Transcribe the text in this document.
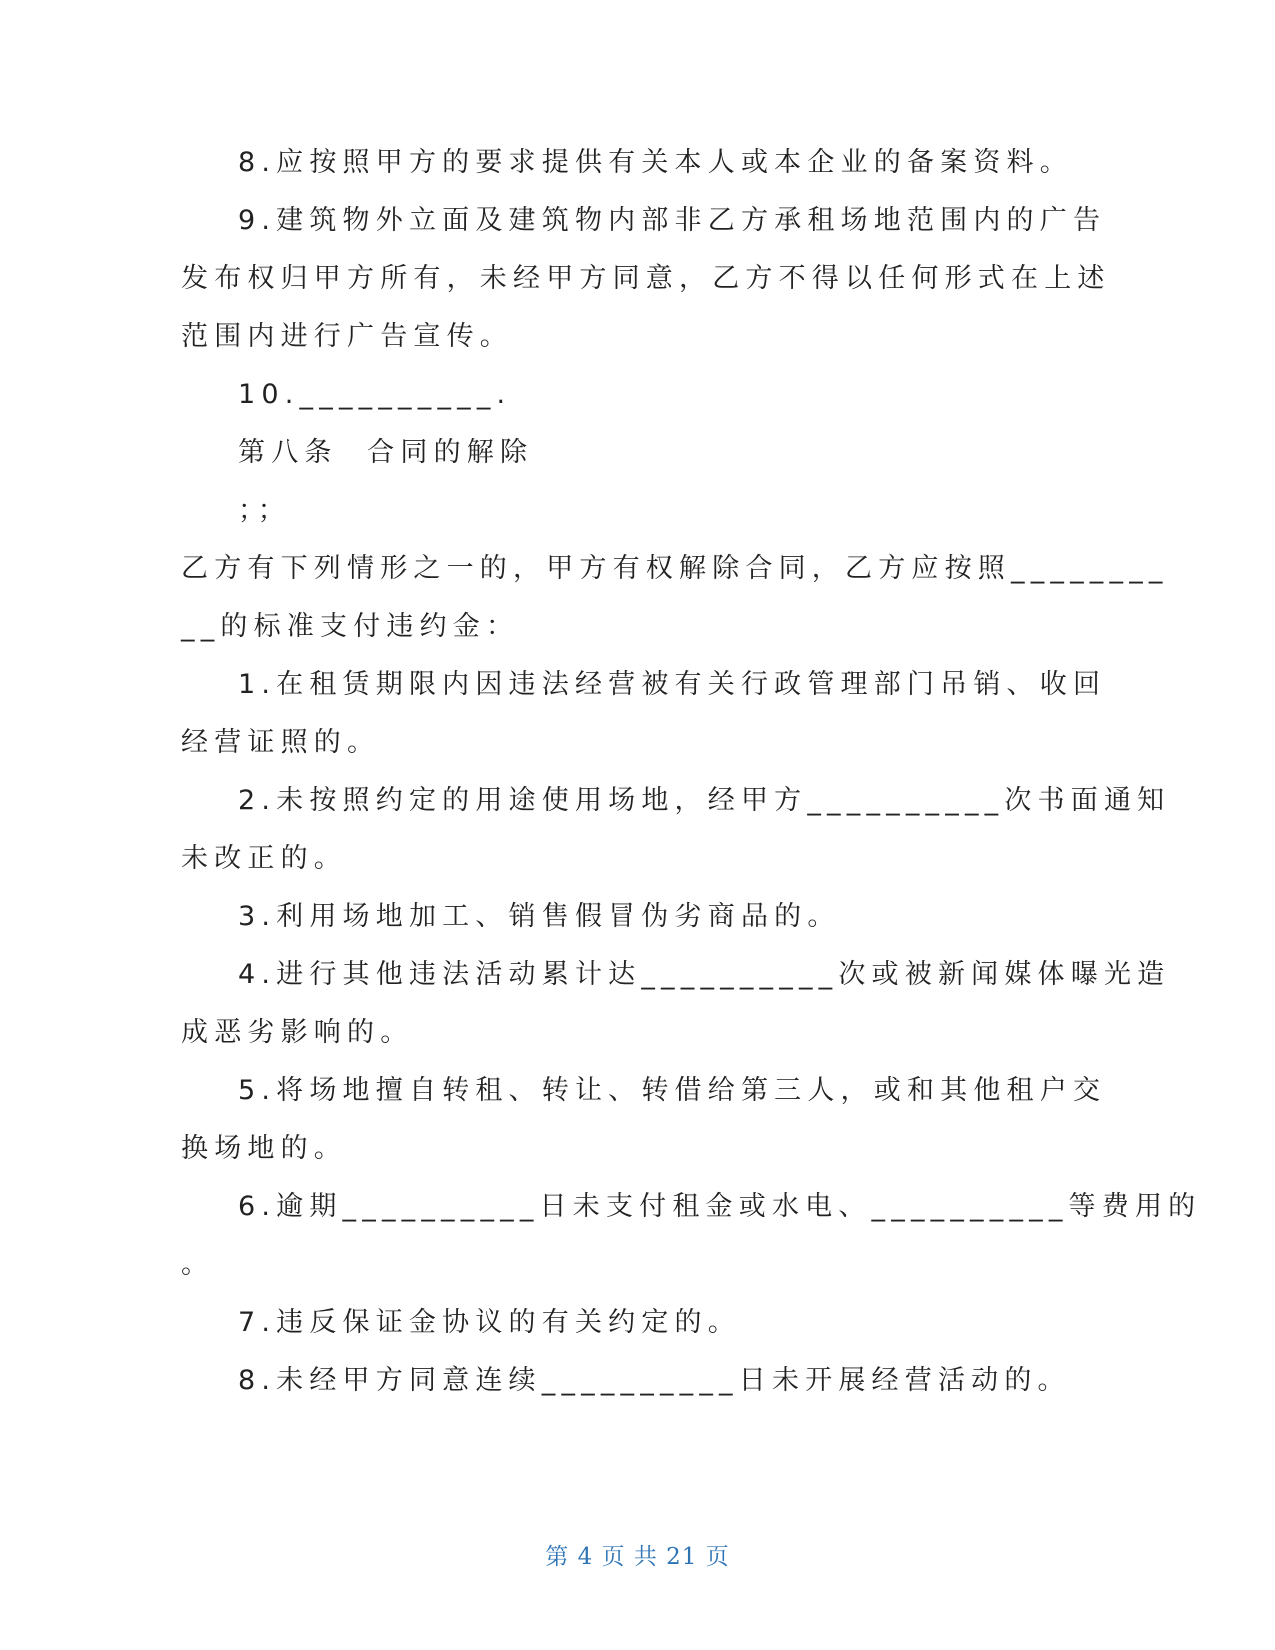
8.应按照甲方的要求提供有关本人或本企业的备案资料。
9.建筑物外立面及建筑物内部非乙方承租场地范围内的广告
发布权归甲方所有，未经甲方同意，乙方不得以任何形式在上述
范围内进行广告宣传。
10.__________.
第八条  合同的解除
；；
乙方有下列情形之一的，甲方有权解除合同，乙方应按照________
__的标准支付违约金：
1.在租赁期限内因违法经营被有关行政管理部门吊销、收回
经营证照的。
2.未按照约定的用途使用场地，经甲方__________次书面通知
未改正的。
3.利用场地加工、销售假冒伪劣商品的。
4.进行其他违法活动累计达__________次或被新闻媒体曝光造
成恶劣影响的。
5.将场地擅自转租、转让、转借给第三人，或和其他租户交
换场地的。
6.逾期__________日未支付租金或水电、__________等费用的
。
7.违反保证金协议的有关约定的。
8.未经甲方同意连续__________日未开展经营活动的。
第 4 页 共 21 页
